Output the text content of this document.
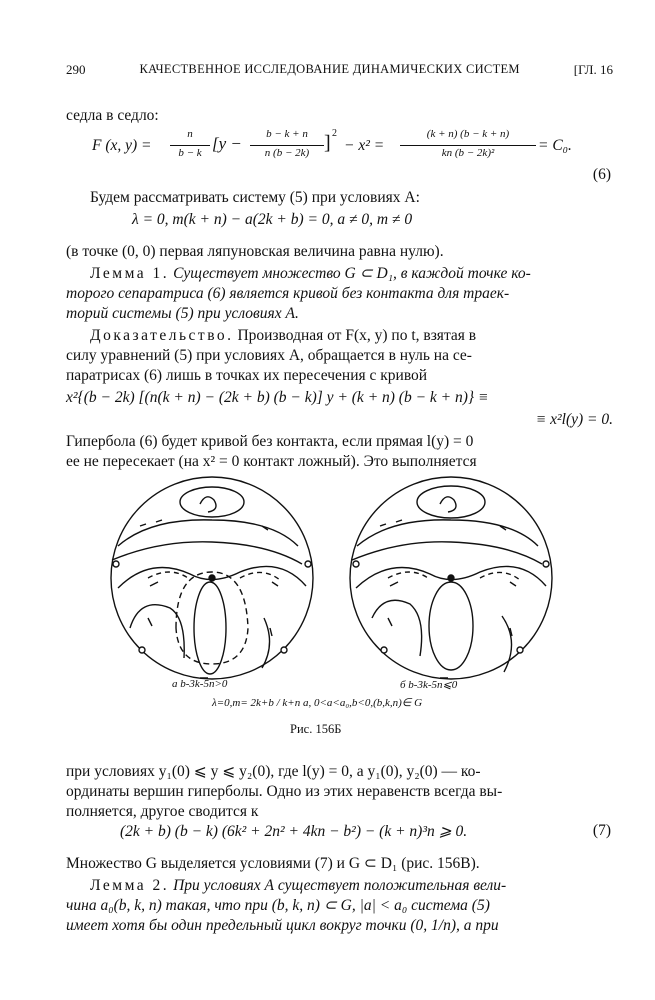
290	КАЧЕСТВЕННОЕ ИССЛЕДОВАНИЕ ДИНАМИЧЕСКИХ СИСТЕМ	[ГЛ. 16
седла в седло:
F (x, y) =
n
b − k [y −	b − k + n
n (b − 2k) ] 2
− x² =
(k + n) (b − k + n)
kn (b − 2k)²	= C₀.
(6)
Будем рассматривать систему (5) при условиях А:
λ = 0, m(k + n) − a(2k + b) = 0, a ≠ 0, m ≠ 0
(в точке (0, 0) первая ляпуновская величина равна нулю).
Лемма 1. Существует множество G ⊂ D₁, в каждой точке ко-
торого сепаратриса (6) является кривой без контакта для траек-
торий системы (5) при условиях А.
Доказательство. Производная от F(x, y) по t, взятая в
силу уравнений (5) при условиях А, обращается в нуль на се-
паратрисах (6) лишь в точках их пересечения с кривой
x²{(b − 2k) [(n(k + n) − (2k + b) (b − k)] y + (k + n) (b − k + n)} ≡
≡ x²l(y) = 0.
Гипербола (6) будет кривой без контакта, если прямая l(y) = 0
ее не пересекает (на x² = 0 контакт ложный). Это выполняется
а b-3k-5n>0	б b-3k-5n⩽0
λ=0,m= 2k+b / k+n a, 0<a<a₀,b<0,(b,k,n)∈ G
Рис. 156Б
при условиях y₁(0) ⩽ y ⩽ y₂(0), где l(y) = 0, а y₁(0), y₂(0) — ко-
ординаты вершин гиперболы. Одно из этих неравенств всегда вы-
полняется, другое сводится к
(2k + b) (b − k) (6k² + 2n² + 4kn − b²) − (k + n)³n ⩾ 0.	(7)
Множество G выделяется условиями (7) и G ⊂ D₁ (рис. 156В).
Лемма 2. При условиях А существует положительная вели-
чина a₀(b, k, n) такая, что при (b, k, n) ⊂ G, |a| < a₀ система (5)
имеет хотя бы один предельный цикл вокруг точки (0, 1/n), а при
